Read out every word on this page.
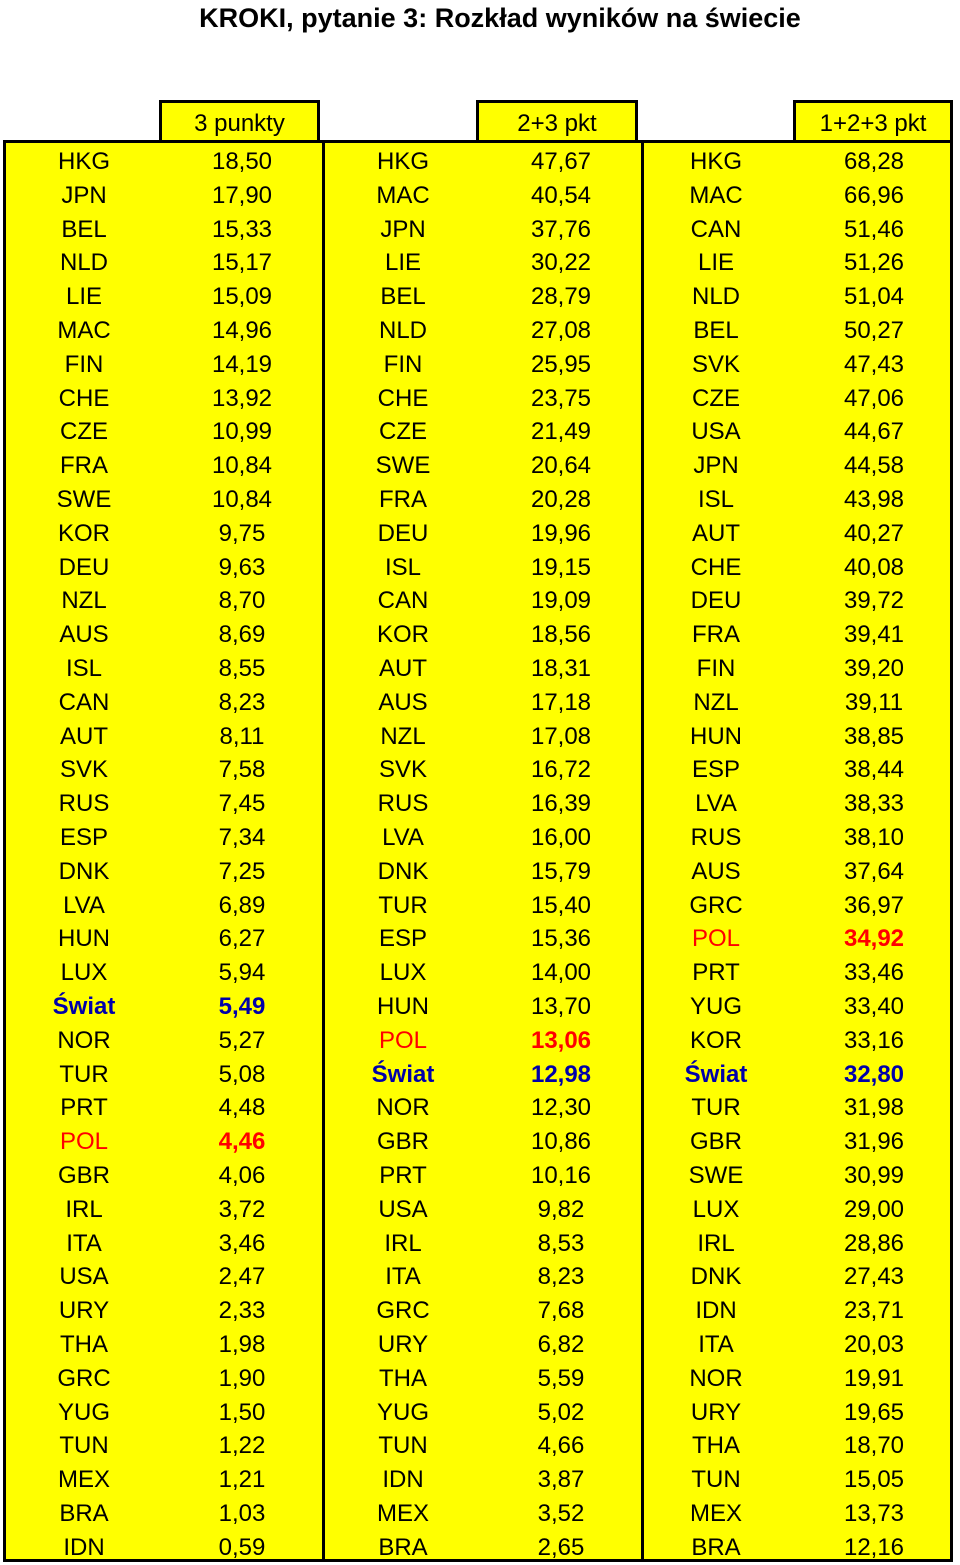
KROKI, pytanie 3: Rozkład wyników na świecie
3 punkty	2+3 pkt	1+2+3 pkt
HKG	18,50
JPN	17,90
BEL	15,33
NLD	15,17
LIE	15,09
MAC	14,96
FIN	14,19
CHE	13,92
CZE	10,99
FRA	10,84
SWE	10,84
KOR	9,75
DEU	9,63
NZL	8,70
AUS	8,69
ISL	8,55
CAN	8,23
AUT	8,11
SVK	7,58
RUS	7,45
ESP	7,34
DNK	7,25
LVA	6,89
HUN	6,27
LUX	5,94
Świat	5,49
NOR	5,27
TUR	5,08
PRT	4,48
POL	4,46
GBR	4,06
IRL	3,72
ITA	3,46
USA	2,47
URY	2,33
THA	1,98
GRC	1,90
YUG	1,50
TUN	1,22
MEX	1,21
BRA	1,03
IDN	0,59
HKG	47,67
MAC	40,54
JPN	37,76
LIE	30,22
BEL	28,79
NLD	27,08
FIN	25,95
CHE	23,75
CZE	21,49
SWE	20,64
FRA	20,28
DEU	19,96
ISL	19,15
CAN	19,09
KOR	18,56
AUT	18,31
AUS	17,18
NZL	17,08
SVK	16,72
RUS	16,39
LVA	16,00
DNK	15,79
TUR	15,40
ESP	15,36
LUX	14,00
HUN	13,70
POL	13,06
Świat	12,98
NOR	12,30
GBR	10,86
PRT	10,16
USA	9,82
IRL	8,53
ITA	8,23
GRC	7,68
URY	6,82
THA	5,59
YUG	5,02
TUN	4,66
IDN	3,87
MEX	3,52
BRA	2,65
HKG	68,28
MAC	66,96
CAN	51,46
LIE	51,26
NLD	51,04
BEL	50,27
SVK	47,43
CZE	47,06
USA	44,67
JPN	44,58
ISL	43,98
AUT	40,27
CHE	40,08
DEU	39,72
FRA	39,41
FIN	39,20
NZL	39,11
HUN	38,85
ESP	38,44
LVA	38,33
RUS	38,10
AUS	37,64
GRC	36,97
POL	34,92
PRT	33,46
YUG	33,40
KOR	33,16
Świat	32,80
TUR	31,98
GBR	31,96
SWE	30,99
LUX	29,00
IRL	28,86
DNK	27,43
IDN	23,71
ITA	20,03
NOR	19,91
URY	19,65
THA	18,70
TUN	15,05
MEX	13,73
BRA	12,16
